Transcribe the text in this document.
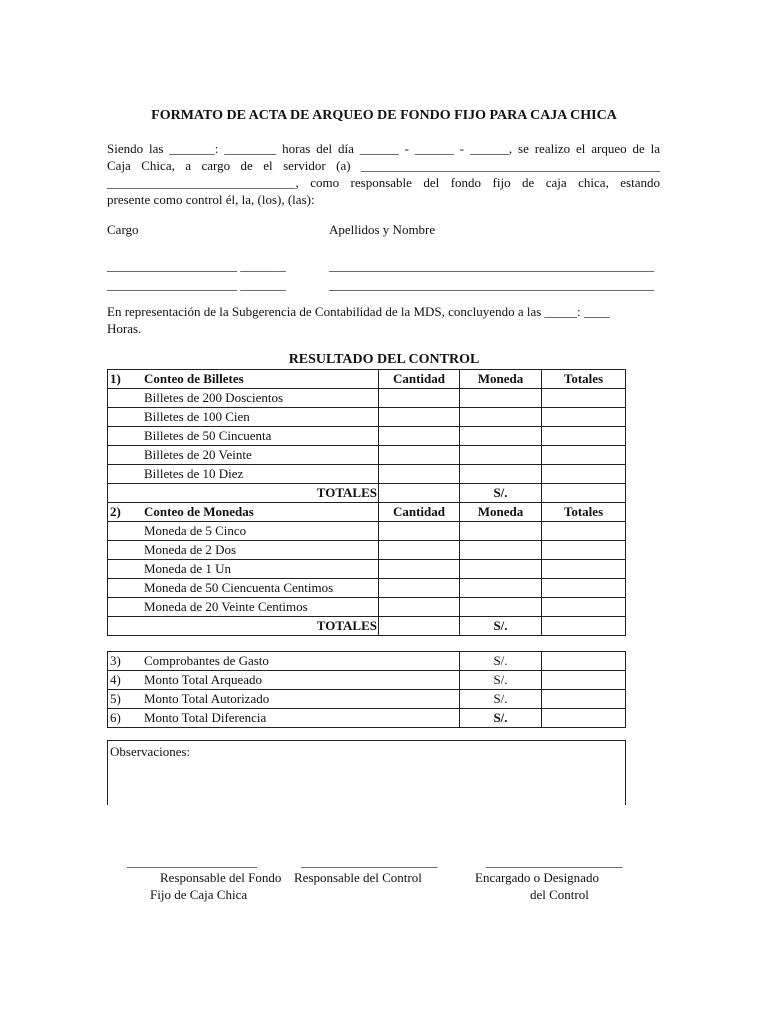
FORMATO DE ACTA DE ARQUEO DE FONDO FIJO PARA CAJA CHICA
Siendo las _______: ________ horas del día ______ - ______ - ______, se realizo el arqueo de la
Caja Chica, a cargo de el servidor (a) ______________________________________________
_____________________________, como responsable del fondo fijo de caja chica, estando
presente como control él, la, (los), (las):
Cargo	Apellidos y Nombre
____________________ _______
____________________ _______
__________________________________________________
__________________________________________________
En representación de la Subgerencia de Contabilidad de la MDS, concluyendo a las _____: ____
Horas.
RESULTADO DEL CONTROL
1) Conteo de Billetes	Cantidad	Moneda	Totales
Billetes de 200 Doscientos			
Billetes de 100 Cien			
Billetes de 50 Cincuenta			
Billetes de 20 Veinte			
Billetes de 10 Diez			
TOTALES		S/.	

2) Conteo de Monedas	Cantidad	Moneda	Totales
Moneda de 5 Cinco			
Moneda de 2 Dos			
Moneda de 1 Un			
Moneda de 50 Ciencuenta Centimos			
Moneda de 20 Veinte Centimos			
TOTALES		S/.	
3) Comprobantes de Gasto	S/.	

4) Monto Total Arqueado	S/.	

5) Monto Total Autorizado	S/.	

6) Monto Total Diferencia	S/.	
Observaciones:
____________________	_____________________	_____________________
Responsable del Fondo
Fijo de Caja Chica
Responsable del Control	Encargado o Designado
del Control
